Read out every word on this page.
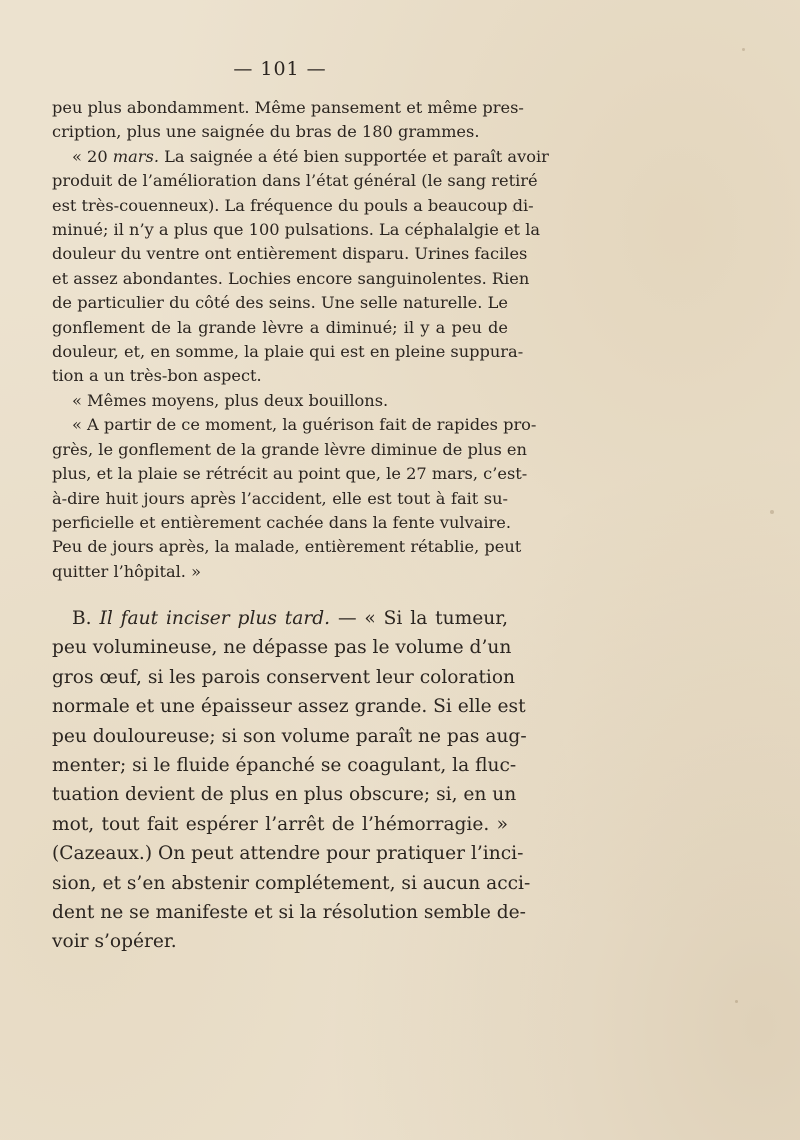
— 101 —
peu plus abondamment. Même pansement et même pres-
cription, plus une saignée du bras de 180 grammes.
« 20 mars. La saignée a été bien supportée et paraît avoir
produit de l’amélioration dans l’état général (le sang retiré
est très-couenneux). La fréquence du pouls a beaucoup di-
minué; il n’y a plus que 100 pulsations. La céphalalgie et la
douleur du ventre ont entièrement disparu. Urines faciles
et assez abondantes. Lochies encore sanguinolentes. Rien
de particulier du côté des seins. Une selle naturelle. Le
gonflement de la grande lèvre a diminué; il y a peu de
douleur, et, en somme, la plaie qui est en pleine suppura-
tion a un très-bon aspect.
« Mêmes moyens, plus deux bouillons.
« A partir de ce moment, la guérison fait de rapides pro-
grès, le gonflement de la grande lèvre diminue de plus en
plus, et la plaie se rétrécit au point que, le 27 mars, c’est-
à-dire huit jours après l’accident, elle est tout à fait su-
perficielle et entièrement cachée dans la fente vulvaire.
Peu de jours après, la malade, entièrement rétablie, peut
quitter l’hôpital. »
B. Il faut inciser plus tard. — « Si la tumeur,
peu volumineuse, ne dépasse pas le volume d’un
gros œuf, si les parois conservent leur coloration
normale et une épaisseur assez grande. Si elle est
peu douloureuse; si son volume paraît ne pas aug-
menter; si le fluide épanché se coagulant, la fluc-
tuation devient de plus en plus obscure; si, en un
mot, tout fait espérer l’arrêt de l’hémorragie. »
(Cazeaux.) On peut attendre pour pratiquer l’inci-
sion, et s’en abstenir complétement, si aucun acci-
dent ne se manifeste et si la résolution semble de-
voir s’opérer.
